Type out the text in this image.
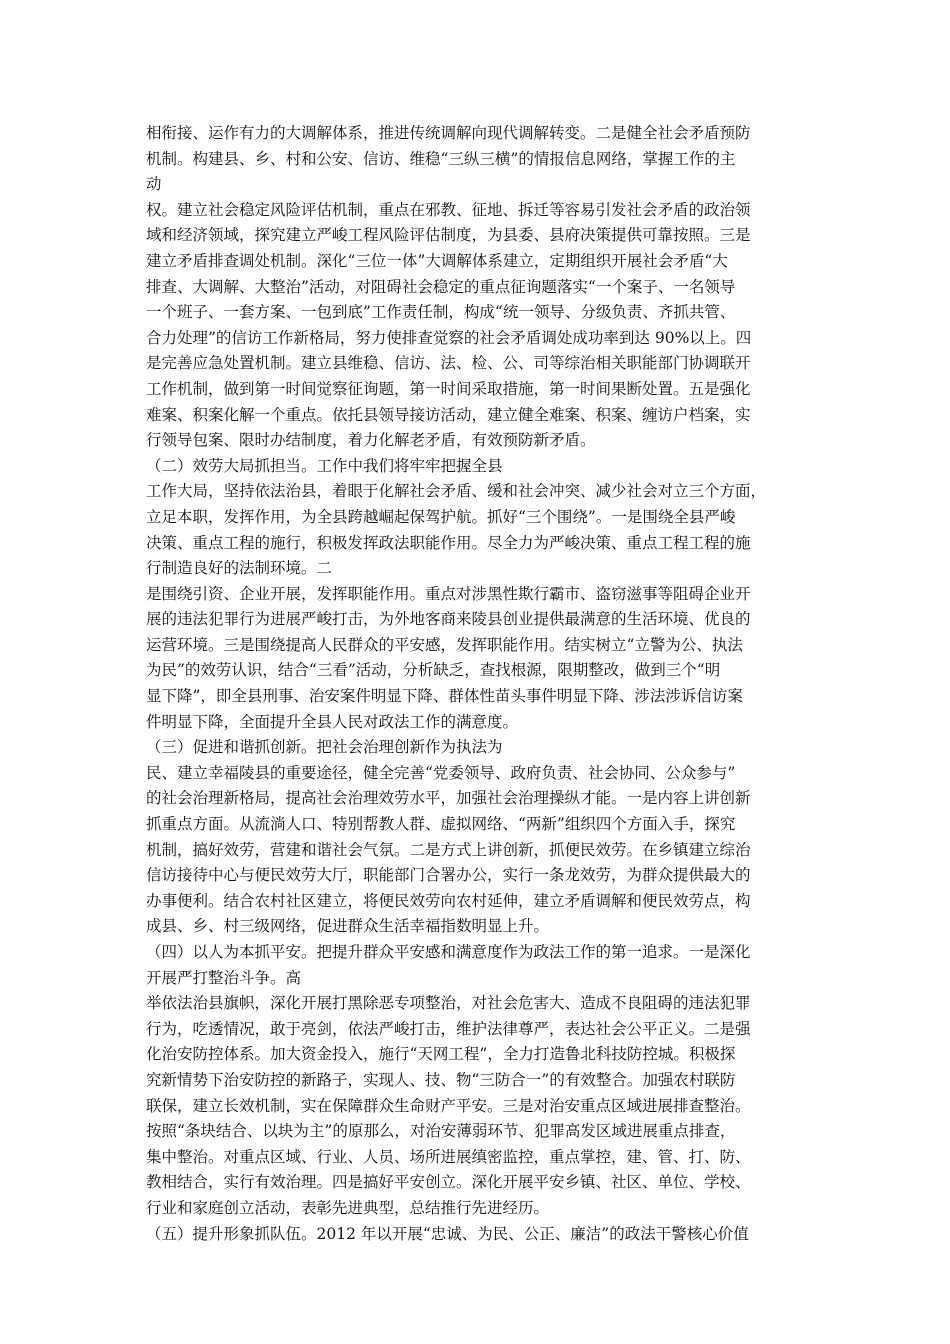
相衔接、运作有力的大调解体系，推进传统调解向现代调解转变。二是健全社会矛盾预防
机制。构建县、乡、村和公安、信访、维稳“三纵三横”的情报信息网络，掌握工作的主
动
权。建立社会稳定风险评估机制，重点在邪教、征地、拆迁等容易引发社会矛盾的政治领
域和经济领域，探究建立严峻工程风险评估制度，为县委、县府决策提供可靠按照。三是
建立矛盾排查调处机制。深化“三位一体”大调解体系建立，定期组织开展社会矛盾“大
排查、大调解、大整治”活动，对阻碍社会稳定的重点征询题落实“一个案子、一名领导
一个班子、一套方案、一包到底”工作责任制，构成“统一领导、分级负责、齐抓共管、
合力处理”的信访工作新格局，努力使排查觉察的社会矛盾调处成功率到达 90%以上。四
是完善应急处置机制。建立县维稳、信访、法、检、公、司等综治相关职能部门协调联开
工作机制，做到第一时间觉察征询题，第一时间采取措施，第一时间果断处置。五是强化
难案、积案化解一个重点。依托县领导接访活动，建立健全难案、积案、缠访户档案，实
行领导包案、限时办结制度，着力化解老矛盾，有效预防新矛盾。
（二）效劳大局抓担当。工作中我们将牢牢把握全县
工作大局，坚持依法治县，着眼于化解社会矛盾、缓和社会冲突、减少社会对立三个方面，
立足本职，发挥作用，为全县跨越崛起保驾护航。抓好“三个围绕”。一是围绕全县严峻
决策、重点工程的施行，积极发挥政法职能作用。尽全力为严峻决策、重点工程工程的施
行制造良好的法制环境。二
是围绕引资、企业开展，发挥职能作用。重点对涉黑性欺行霸市、盗窃滋事等阻碍企业开
展的违法犯罪行为进展严峻打击，为外地客商来陵县创业提供最满意的生活环境、优良的
运营环境。三是围绕提高人民群众的平安感，发挥职能作用。结实树立“立警为公、执法
为民”的效劳认识，结合“三看”活动，分析缺乏，查找根源，限期整改，做到三个“明
显下降”，即全县刑事、治安案件明显下降、群体性苗头事件明显下降、涉法涉诉信访案
件明显下降，全面提升全县人民对政法工作的满意度。
（三）促进和谐抓创新。把社会治理创新作为执法为
民、建立幸福陵县的重要途径，健全完善“党委领导、政府负责、社会协同、公众参与”
的社会治理新格局，提高社会治理效劳水平，加强社会治理操纵才能。一是内容上讲创新
抓重点方面。从流淌人口、特别帮教人群、虚拟网络、“两新”组织四个方面入手，探究
机制，搞好效劳，营建和谐社会气氛。二是方式上讲创新，抓便民效劳。在乡镇建立综治
信访接待中心与便民效劳大厅，职能部门合署办公，实行一条龙效劳，为群众提供最大的
办事便利。结合农村社区建立，将便民效劳向农村延伸，建立矛盾调解和便民效劳点，构
成县、乡、村三级网络，促进群众生活幸福指数明显上升。
（四）以人为本抓平安。把提升群众平安感和满意度作为政法工作的第一追求。一是深化
开展严打整治斗争。高
举依法治县旗帜，深化开展打黑除恶专项整治，对社会危害大、造成不良阻碍的违法犯罪
行为，吃透情况，敢于亮剑，依法严峻打击，维护法律尊严，表达社会公平正义。二是强
化治安防控体系。加大资金投入，施行“天网工程”，全力打造鲁北科技防控城。积极探
究新情势下治安防控的新路子，实现人、技、物“三防合一”的有效整合。加强农村联防
联保，建立长效机制，实在保障群众生命财产平安。三是对治安重点区域进展排查整治。
按照“条块结合、以块为主”的原那么，对治安薄弱环节、犯罪高发区域进展重点排查，
集中整治。对重点区域、行业、人员、场所进展缜密监控，重点掌控，建、管、打、防、
教相结合，实行有效治理。四是搞好平安创立。深化开展平安乡镇、社区、单位、学校、
行业和家庭创立活动，表彰先进典型，总结推行先进经历。
（五）提升形象抓队伍。2012 年以开展“忠诚、为民、公正、廉洁”的政法干警核心价值
